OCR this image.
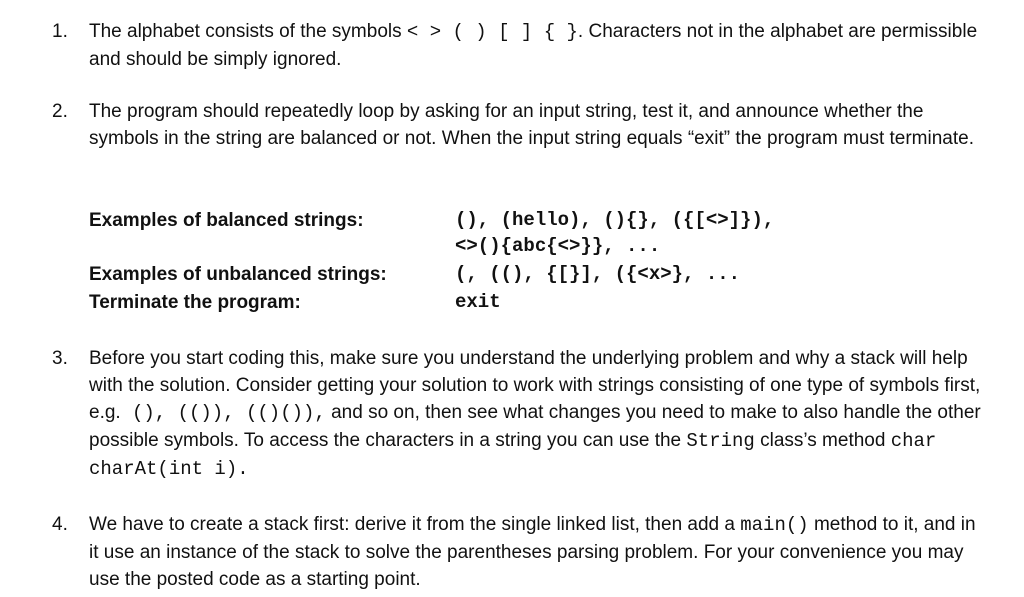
1.	The alphabet consists of the symbols < > ( ) [ ] { }. Characters not in the alphabet are permissible and should be simply ignored.
2.	The program should repeatedly loop by asking for an input string, test it, and announce whether the symbols in the string are balanced or not. When the input string equals “exit” the program must terminate.
Examples of balanced strings:	(), (hello), (){}, ({[<>]}),
<>(){abc{<>}}, ...
Examples of unbalanced strings:	(, ((), {[}], ({<x>}, ...
Terminate the program:	exit
3.	Before you start coding this, make sure you understand the underlying problem and why a stack will help with the solution. Consider getting your solution to work with strings consisting of one type of symbols first, e.g. (), (()), (()()), and so on, then see what changes you need to make to also handle the other possible symbols. To access the characters in a string you can use the String class’s method char charAt(int i).
4.	We have to create a stack first: derive it from the single linked list, then add a main() method to it, and in it use an instance of the stack to solve the parentheses parsing problem. For your convenience you may use the posted code as a starting point.
